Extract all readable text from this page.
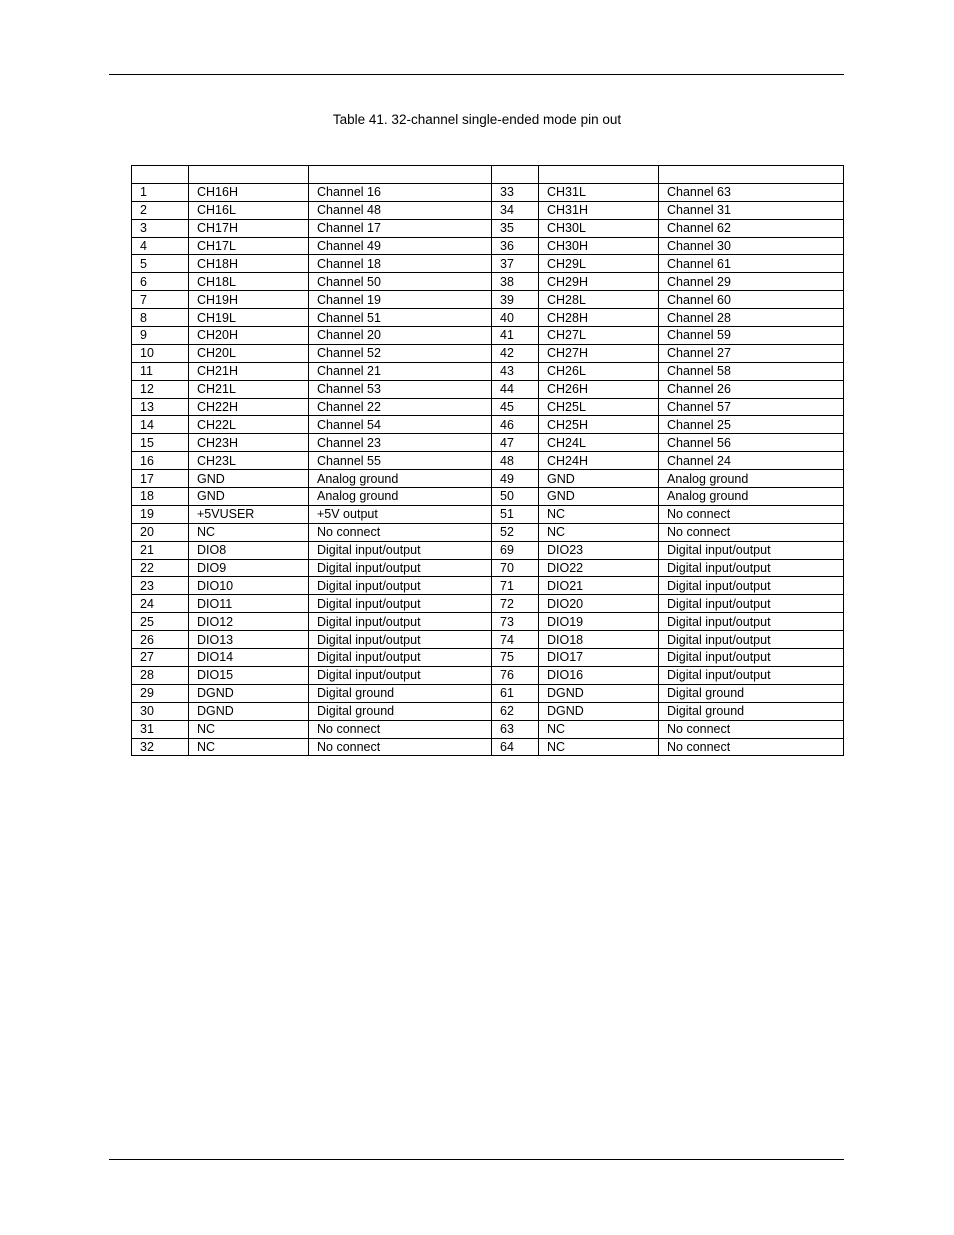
Table 41. 32-channel single-ended mode pin out

1	CH16H	Channel 16	33	CH31L	Channel 63
2	CH16L	Channel 48	34	CH31H	Channel 31
3	CH17H	Channel 17	35	CH30L	Channel 62
4	CH17L	Channel 49	36	CH30H	Channel 30
5	CH18H	Channel 18	37	CH29L	Channel 61
6	CH18L	Channel 50	38	CH29H	Channel 29
7	CH19H	Channel 19	39	CH28L	Channel 60
8	CH19L	Channel 51	40	CH28H	Channel 28
9	CH20H	Channel 20	41	CH27L	Channel 59
10	CH20L	Channel 52	42	CH27H	Channel 27
11	CH21H	Channel 21	43	CH26L	Channel 58
12	CH21L	Channel 53	44	CH26H	Channel 26
13	CH22H	Channel 22	45	CH25L	Channel 57
14	CH22L	Channel 54	46	CH25H	Channel 25
15	CH23H	Channel 23	47	CH24L	Channel 56
16	CH23L	Channel 55	48	CH24H	Channel 24
17	GND	Analog ground	49	GND	Analog ground
18	GND	Analog ground	50	GND	Analog ground
19	+5VUSER	+5V output	51	NC	No connect
20	NC	No connect	52	NC	No connect
21	DIO8	Digital input/output	69	DIO23	Digital input/output
22	DIO9	Digital input/output	70	DIO22	Digital input/output
23	DIO10	Digital input/output	71	DIO21	Digital input/output
24	DIO11	Digital input/output	72	DIO20	Digital input/output
25	DIO12	Digital input/output	73	DIO19	Digital input/output
26	DIO13	Digital input/output	74	DIO18	Digital input/output
27	DIO14	Digital input/output	75	DIO17	Digital input/output
28	DIO15	Digital input/output	76	DIO16	Digital input/output
29	DGND	Digital ground	61	DGND	Digital ground
30	DGND	Digital ground	62	DGND	Digital ground
31	NC	No connect	63	NC	No connect
32	NC	No connect	64	NC	No connect
